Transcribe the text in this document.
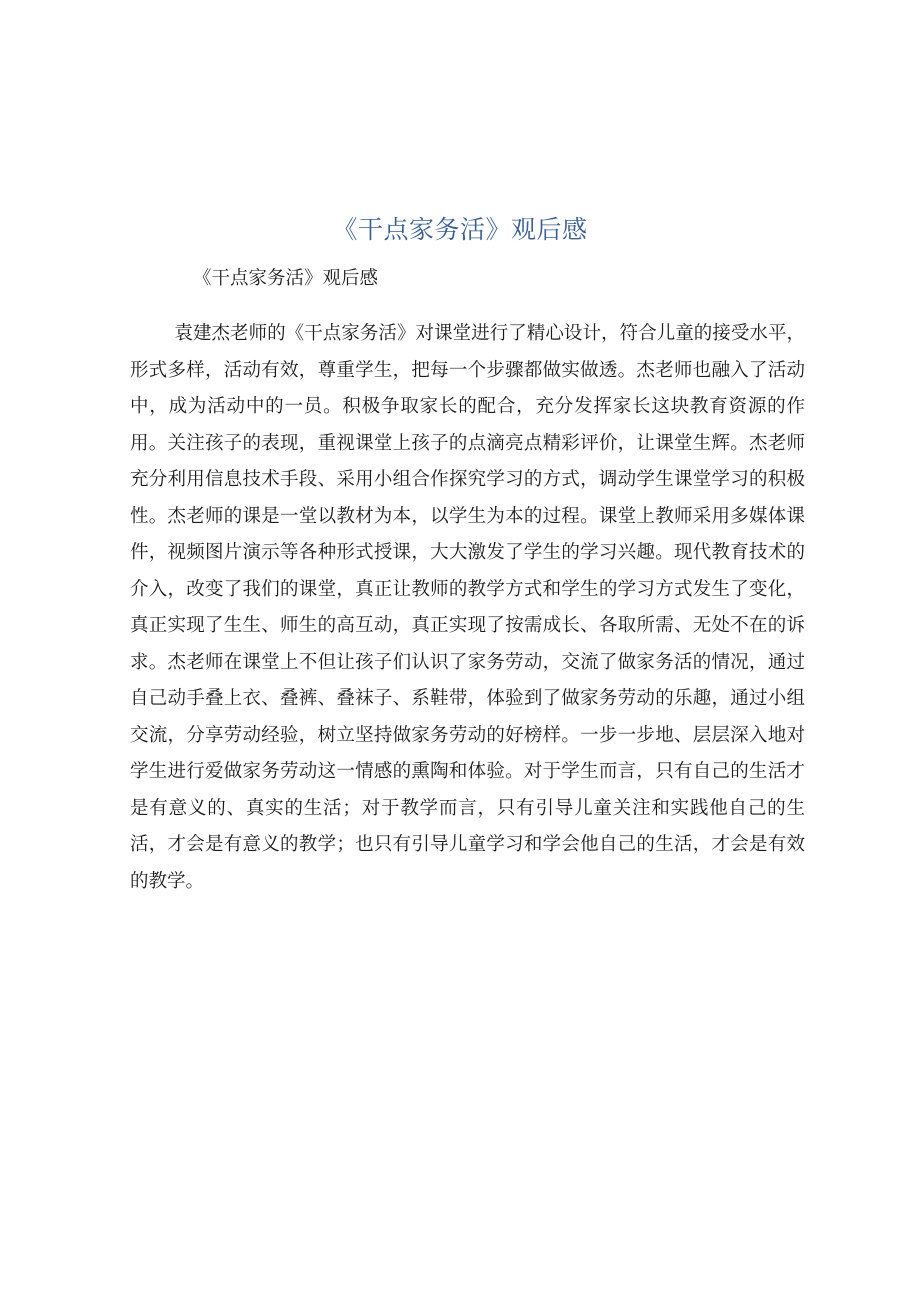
《干点家务活》观后感
《干点家务活》观后感

袁建杰老师的《干点家务活》对课堂进行了精心设计，符合儿童的接受水平，形式多样，活动有效，尊重学生，把每一个步骤都做实做透。杰老师也融入了活动中，成为活动中的一员。积极争取家长的配合，充分发挥家长这块教育资源的作用。关注孩子的表现，重视课堂上孩子的点滴亮点精彩评价，让课堂生辉。杰老师充分利用信息技术手段、采用小组合作探究学习的方式，调动学生课堂学习的积极性。杰老师的课是一堂以教材为本，以学生为本的过程。课堂上教师采用多媒体课件，视频图片演示等各种形式授课，大大激发了学生的学习兴趣。现代教育技术的介入，改变了我们的课堂，真正让教师的教学方式和学生的学习方式发生了变化，真正实现了生生、师生的高互动，真正实现了按需成长、各取所需、无处不在的诉求。杰老师在课堂上不但让孩子们认识了家务劳动，交流了做家务活的情况，通过自己动手叠上衣、叠裤、叠袜子、系鞋带，体验到了做家务劳动的乐趣，通过小组交流，分享劳动经验，树立坚持做家务劳动的好榜样。一步一步地、层层深入地对学生进行爱做家务劳动这一情感的熏陶和体验。对于学生而言，只有自己的生活才是有意义的、真实的生活；对于教学而言，只有引导儿童关注和实践他自己的生活，才会是有意义的教学；也只有引导儿童学习和学会他自己的生活，才会是有效的教学。
